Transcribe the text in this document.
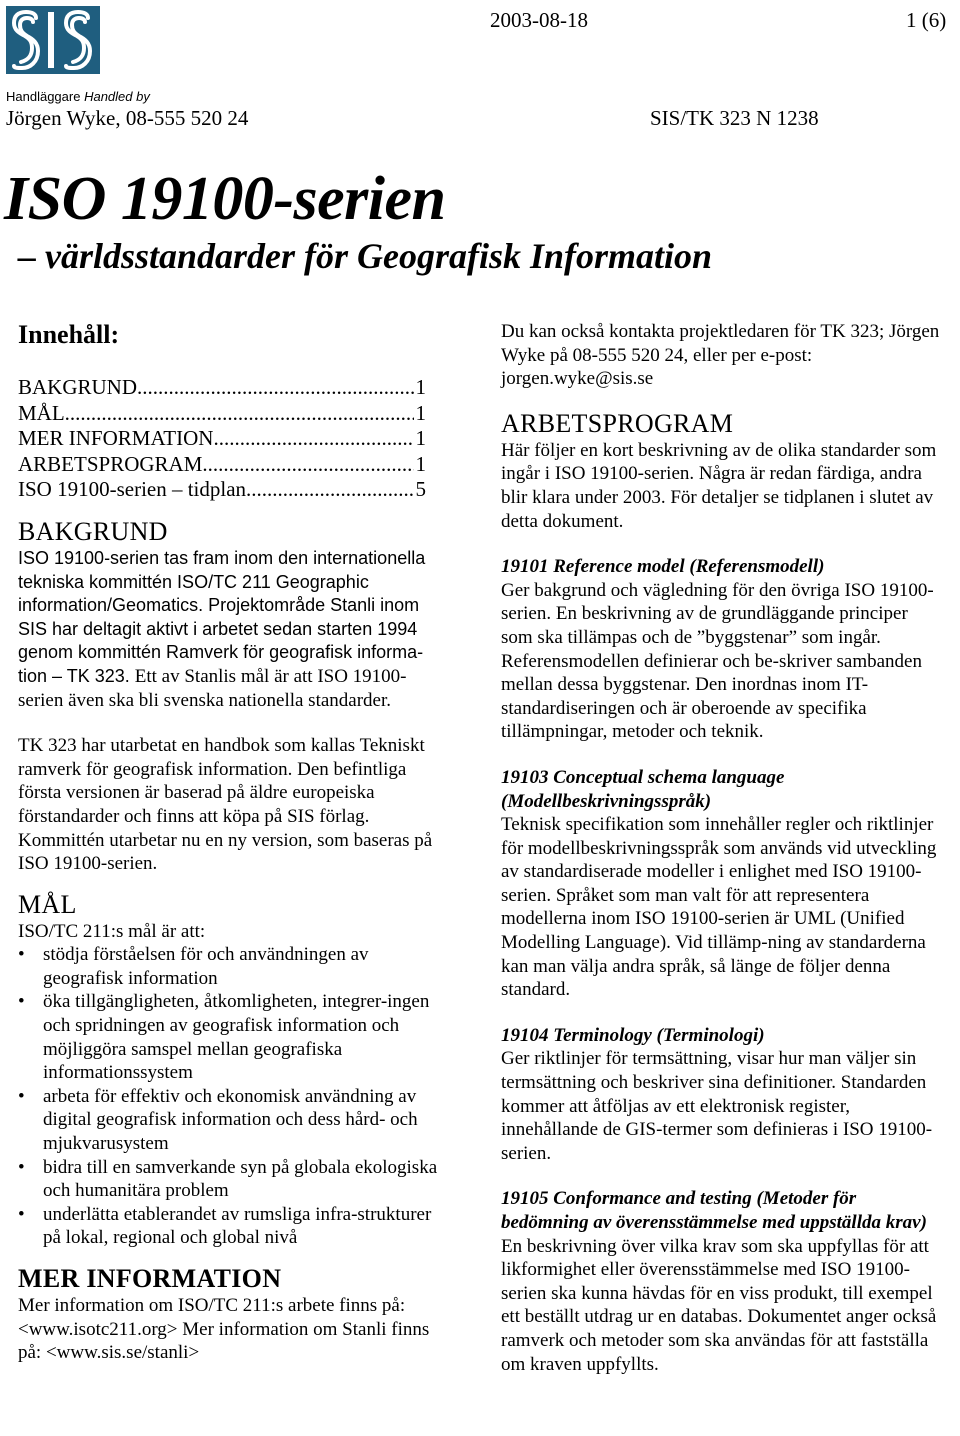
2003-08-18	1 (6)
Handläggare Handled by
Jörgen Wyke, 08-555 520 24	SIS/TK 323 N 1238
ISO 19100-serien
– världsstandarder för Geografisk Information

Innehåll:

BAKGRUND .....	1
MÅL .....	1
MER INFORMATION .....	1
ARBETSPROGRAM .....	1
ISO 19100-serien – tidplan .....	5

BAKGRUND

ISO 19100-serien tas fram inom den internationella tekniska kommittén ISO/TC 211 Geographic information/Geomatics. Projektområde Stanli inom SIS har deltagit aktivt i arbetet sedan starten 1994 genom kommittén Ramverk för geografisk informa-tion – TK 323. Ett av Stanlis mål är att ISO 19100-serien även ska bli svenska nationella standarder.

TK 323 har utarbetat en handbok som kallas Tekniskt ramverk för geografisk information. Den befintliga första versionen är baserad på äldre europeiska förstandarder och finns att köpa på SIS förlag. Kommittén utarbetar nu en ny version, som baseras på ISO 19100-serien.

MÅL

ISO/TC 211:s mål är att:

• stödja förståelsen för och användningen av geografisk information
• öka tillgängligheten, åtkomligheten, integrer-ingen och spridningen av geografisk information och möjliggöra samspel mellan geografiska informationssystem
• arbeta för effektiv och ekonomisk användning av digital geografisk information och dess hård- och mjukvarusystem
• bidra till en samverkande syn på globala ekologiska och humanitära problem
• underlätta etablerandet av rumsliga infra-strukturer på lokal, regional och global nivå

MER INFORMATION

Mer information om ISO/TC 211:s arbete finns på: <www.isotc211.org> Mer information om Stanli finns på: <www.sis.se/stanli>

Du kan också kontakta projektledaren för TK 323; Jörgen Wyke på 08-555 520 24, eller per e-post: jorgen.wyke@sis.se

ARBETSPROGRAM

Här följer en kort beskrivning av de olika standarder som ingår i ISO 19100-serien. Några är redan färdiga, andra blir klara under 2003. För detaljer se tidplanen i slutet av detta dokument.

19101 Reference model (Referensmodell)

Ger bakgrund och vägledning för den övriga ISO 19100-serien. En beskrivning av de grundläggande principer som ska tillämpas och de ”byggstenar” som ingår. Referensmodellen definierar och be-skriver sambanden mellan dessa byggstenar. Den inordnas inom IT-standardiseringen och är oberoende av specifika tillämpningar, metoder och teknik.

19103 Conceptual schema language (Modellbeskrivningsspråk)

Teknisk specifikation som innehåller regler och riktlinjer för modellbeskrivningsspråk som används vid utveckling av standardiserade modeller i enlighet med ISO 19100-serien. Språket som man valt för att representera modellerna inom ISO 19100-serien är UML (Unified Modelling Language). Vid tillämp-ning av standarderna kan man välja andra språk, så länge de följer denna standard.

19104 Terminology (Terminologi)

Ger riktlinjer för termsättning, visar hur man väljer sin termsättning och beskriver sina definitioner. Standarden kommer att åtföljas av ett elektronisk register, innehållande de GIS-termer som definieras i ISO 19100-serien.

19105 Conformance and testing (Metoder för bedömning av överensstämmelse med uppställda krav)

En beskrivning över vilka krav som ska uppfyllas för att likformighet eller överensstämmelse med ISO 19100-serien ska kunna hävdas för en viss produkt, till exempel ett beställt utdrag ur en databas. Dokumentet anger också ramverk och metoder som ska användas för att fastställa om kraven uppfyllts.
